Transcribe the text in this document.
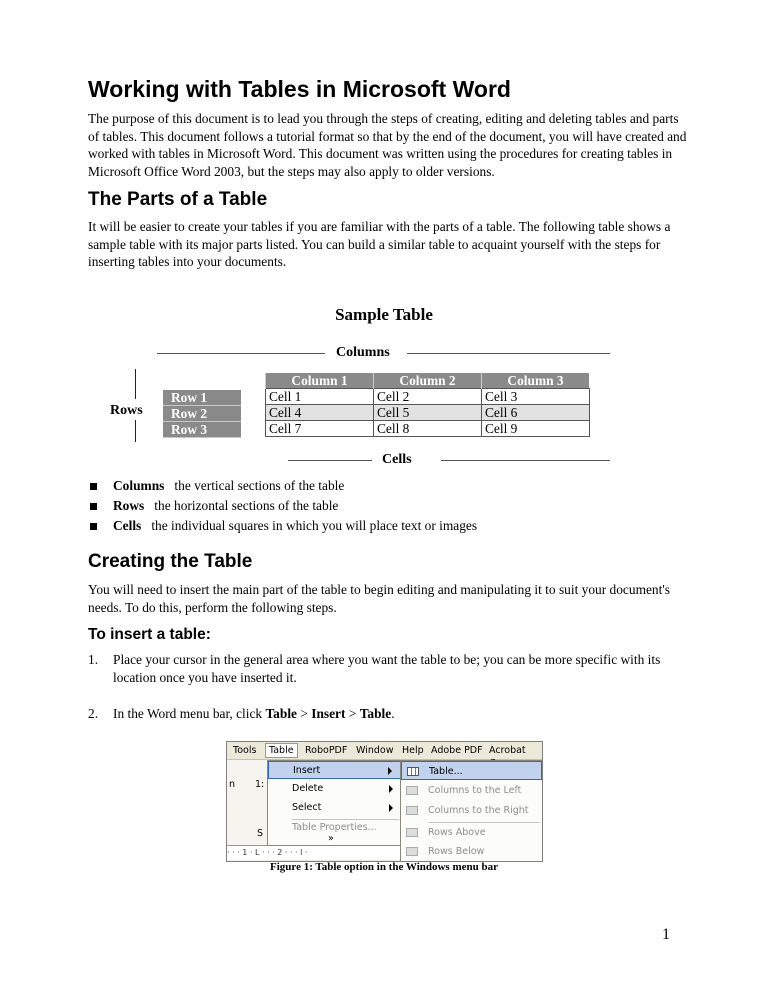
Working with Tables in Microsoft Word

The purpose of this document is to lead you through the steps of creating, editing and deleting tables and parts of tables. This document follows a tutorial format so that by the end of the document, you will have created and worked with tables in Microsoft Word. This document was written using the procedures for creating tables in Microsoft Office Word 2003, but the steps may also apply to older versions.

The Parts of a Table

It will be easier to create your tables if you are familiar with the parts of a table. The following table shows a sample table with its major parts listed. You can build a similar table to acquaint yourself with the steps for inserting tables into your documents.

Sample Table

Columns
Rows
Row 1
Row 2
Row 3
Column 1	Column 2	Column 3
Cell 1	Cell 2	Cell 3
Cell 4	Cell 5	Cell 6
Cell 7	Cell 8	Cell 9
Cells
Columns the vertical sections of the table
Rows the horizontal sections of the table
Cells the individual squares in which you will place text or images
Creating the Table

You will need to insert the main part of the table to begin editing and manipulating it to suit your document's needs. To do this, perform the following steps.

To insert a table:
1. Place your cursor in the general area where you want the table to be; you can be more specific with its location once you have inserted it.
2. In the Word menu bar, click Table > Insert > Table.
Tools	Table	RoboPDF Window Help Adobe PDF Acrobat
n 1:
S
· · · 1 · L · · · 2 · · · l ·
Insert
Delete
Select
Table Properties...
»
Table...
Columns to the Left
Columns to the Right
Rows Above
Rows Below

Figure 1: Table option in the Windows menu bar

1
